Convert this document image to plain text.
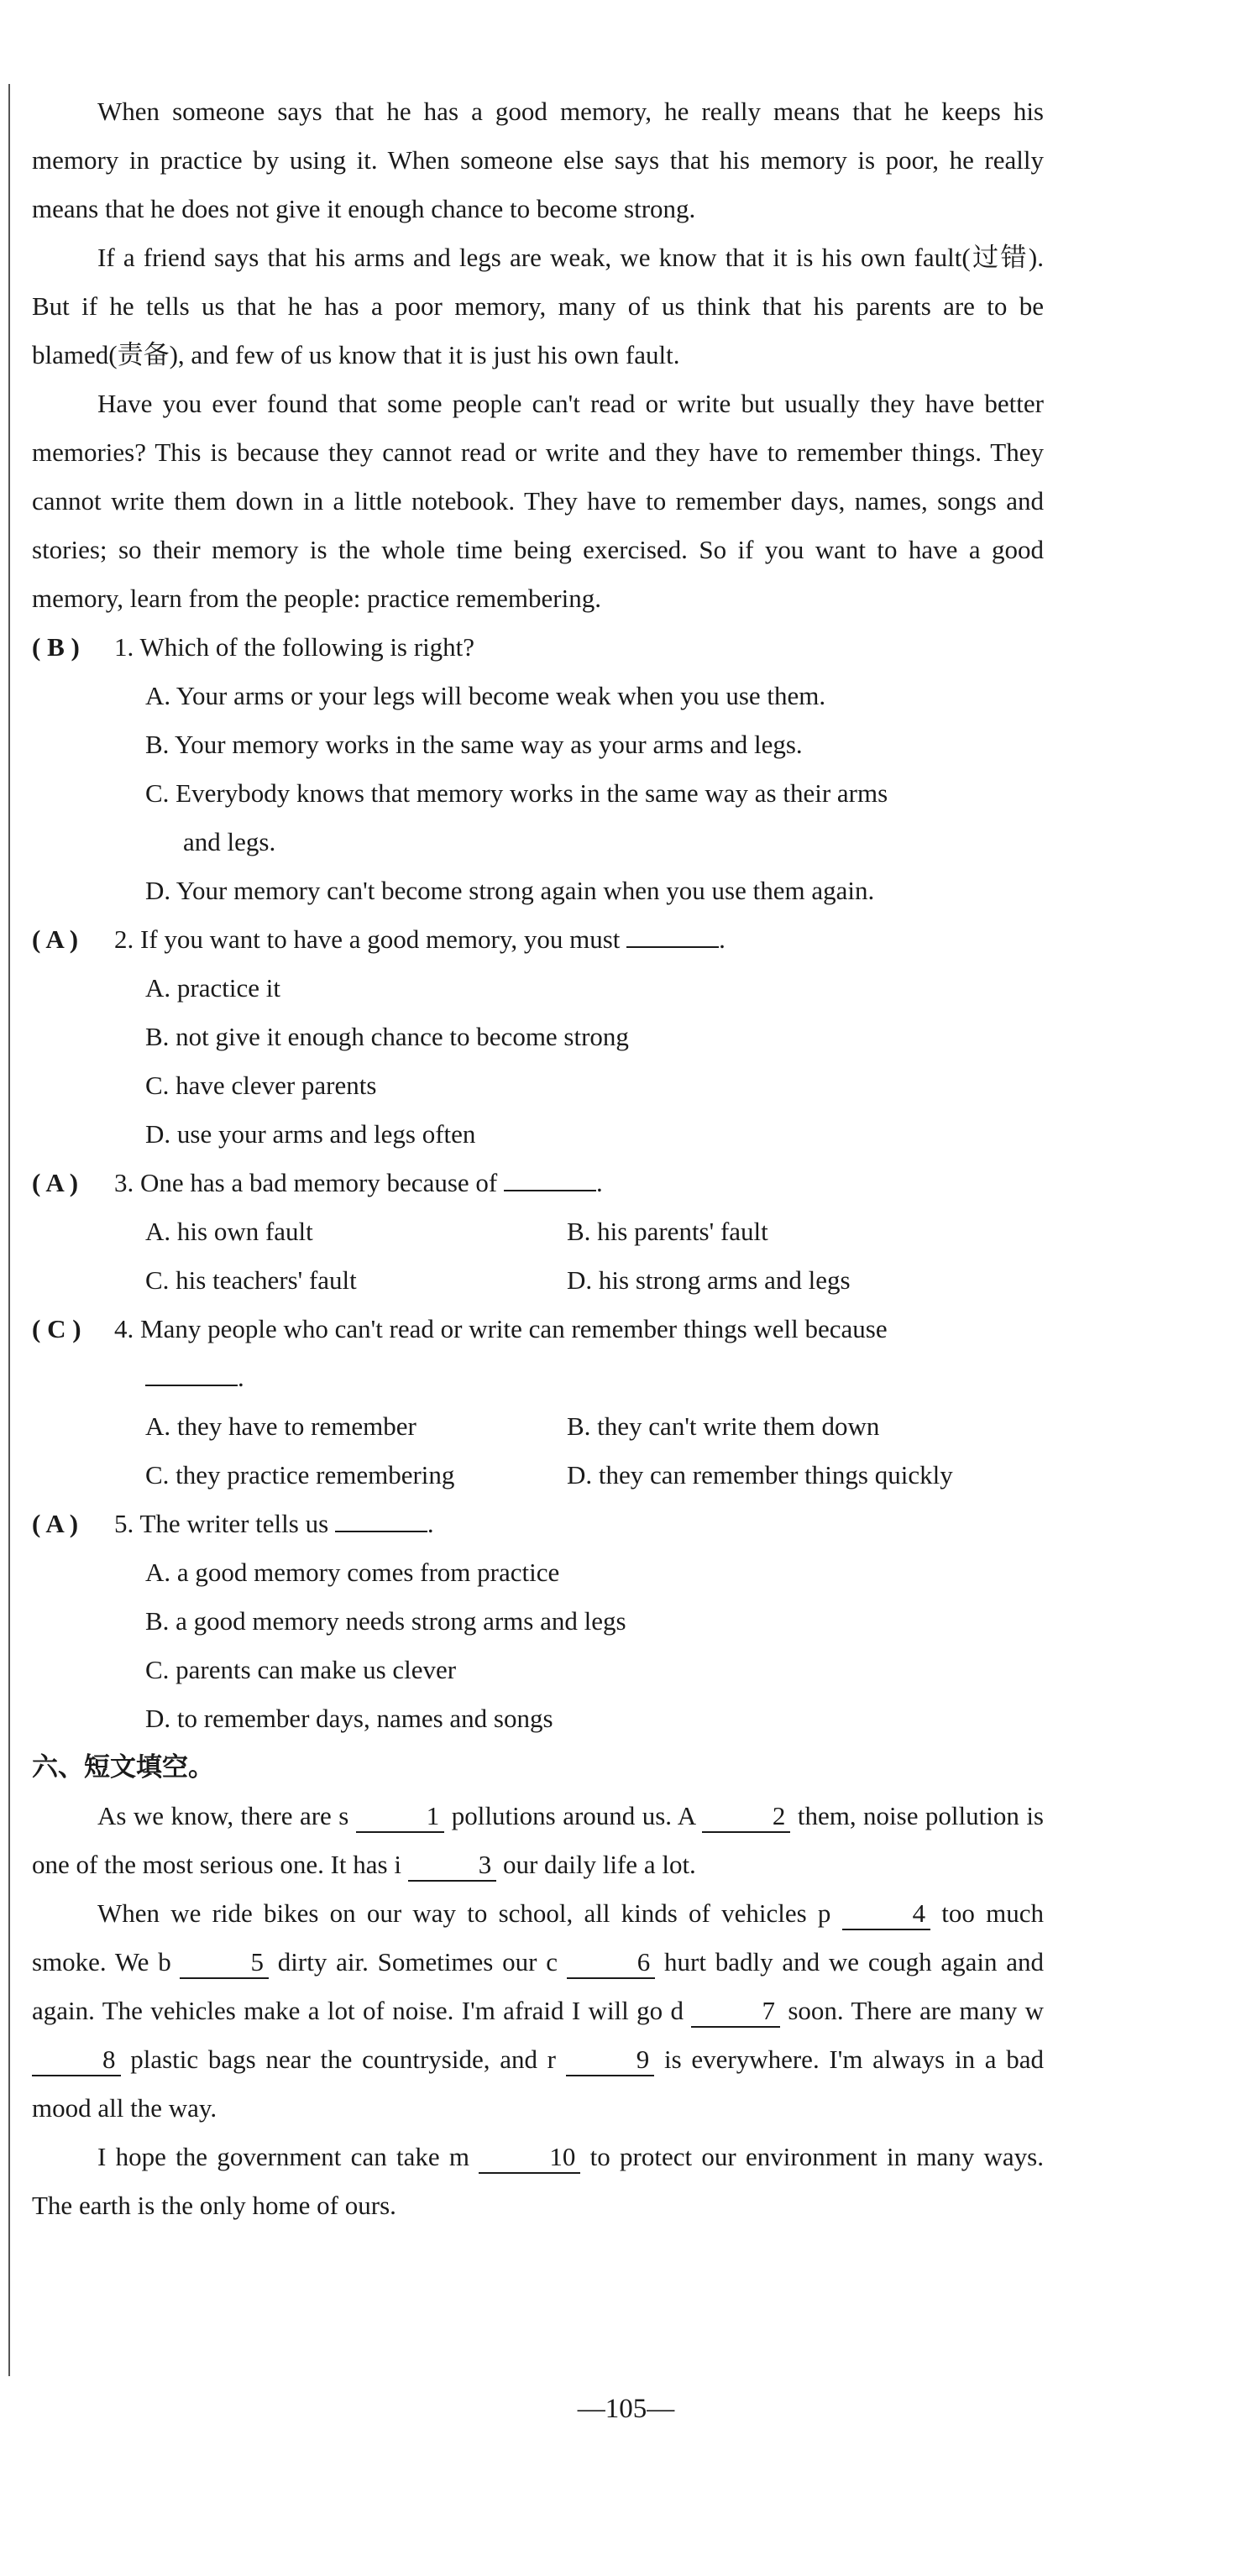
When someone says that he has a good memory, he really means that he keeps his memory in practice by using it. When someone else says that his memory is poor, he really means that he does not give it enough chance to become strong.

If a friend says that his arms and legs are weak, we know that it is his own fault(过错). But if he tells us that he has a poor memory, many of us think that his parents are to be blamed(责备), and few of us know that it is just his own fault.

Have you ever found that some people can't read or write but usually they have better memories? This is because they cannot read or write and they have to remember things. They cannot write them down in a little notebook. They have to remember days, names, songs and stories; so their memory is the whole time being exercised. So if you want to have a good memory, learn from the people: practice remembering.

( B )	1. Which of the following is right?
A. Your arms or your legs will become weak when you use them.
B. Your memory works in the same way as your arms and legs.
C. Everybody knows that memory works in the same way as their arms
and legs.
D. Your memory can't become strong again when you use them again.
( A )	2. If you want to have a good memory, you must	.
A. practice it
B. not give it enough chance to become strong
C. have clever parents
D. use your arms and legs often
( A )	3. One has a bad memory because of	.
A. his own fault	B. his parents' fault
C. his teachers' fault	D. his strong arms and legs
( C )	4. Many people who can't read or write can remember things well because
.
A. they have to remember	B. they can't write them down
C. they practice remembering	D. they can remember things quickly
( A )	5. The writer tells us	.
A. a good memory comes from practice
B. a good memory needs strong arms and legs
C. parents can make us clever
D. to remember days, names and songs
六、短文填空。

As we know, there are s	1 pollutions around us. A	2 them, noise pollution is one of the most serious one. It has i	3 our daily life a lot.

When we ride bikes on our way to school, all kinds of vehicles p	4 too much smoke. We b	5 dirty air. Sometimes our c	6 hurt badly and we cough again and again. The vehicles make a lot of noise. I'm afraid I will go d	7 soon. There are many w 8 plastic bags near the countryside, and r	9 is everywhere. I'm always in a bad mood all the way.

I hope the government can take m	10 to protect our environment in many ways. The earth is the only home of ours.

—105—
